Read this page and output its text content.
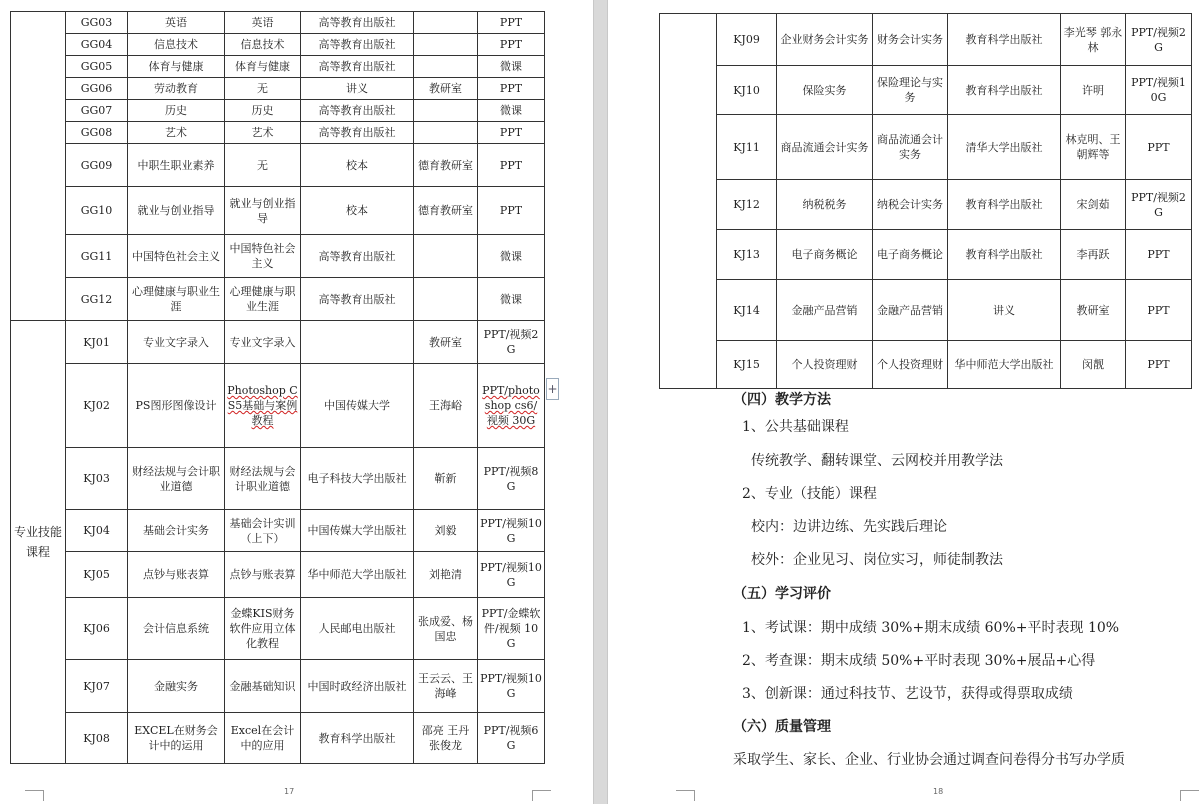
	GG03	英语	英语	高等教育出版社		PPT
	GG04	信息技术	信息技术	高等教育出版社		PPT
	GG05	体育与健康	体育与健康	高等教育出版社		微课
	GG06	劳动教育	无	讲义	教研室	PPT
	GG07	历史	历史	高等教育出版社		微课
	GG08	艺术	艺术	高等教育出版社		PPT
	GG09	中职生职业素养	无	校本	德育教研室	PPT
	GG10	就业与创业指导	就业与创业指导	校本	德育教研室	PPT
	GG11	中国特色社会主义	中国特色社会主义	高等教育出版社		微课
	GG12	心理健康与职业生涯	心理健康与职业生涯	高等教育出版社		微课
专业技能课程	KJ01	专业文字录入	专业文字录入		教研室	PPT/视频2G
	KJ02	PS图形图像设计	Photoshop CS5基础与案例教程	中国传媒大学	王海峪	PPT/photoshop cs6/视频 30G
	KJ03	财经法规与会计职业道德	财经法规与会计职业道德	电子科技大学出版社	靳新	PPT/视频8G
	KJ04	基础会计实务	基础会计实训（上下）	中国传媒大学出版社	刘毅	PPT/视频10G
	KJ05	点钞与账表算	点钞与账表算	华中师范大学出版社	刘艳清	PPT/视频10G
	KJ06	会计信息系统	金蝶KIS财务软件应用立体化教程	人民邮电出版社	张成爱、杨国忠	PPT/金蝶软件/视频 10G
	KJ07	金融实务	金融基础知识	中国时政经济出版社	王云云、王海峰	PPT/视频10G
	KJ08	EXCEL在财务会计中的运用	Excel在会计中的应用	教育科学出版社	邵亮 王丹 张俊龙	PPT/视频6G
17
+
	KJ09	企业财务会计实务	财务会计实务	教育科学出版社	李光琴 郭永林	PPT/视频2G
	KJ10	保险实务	保险理论与实务	教育科学出版社	许明	PPT/视频10G
	KJ11	商品流通会计实务	商品流通会计实务	清华大学出版社	林克明、王朝辉等	PPT
	KJ12	纳税税务	纳税会计实务	教育科学出版社	宋剑茹	PPT/视频2G
	KJ13	电子商务概论	电子商务概论	教育科学出版社	李再跃	PPT
	KJ14	金融产品营销	金融产品营销	讲义	教研室	PPT
	KJ15	个人投资理财	个人投资理财	华中师范大学出版社	闵靓	PPT
（四）教学方法
1、公共基础课程
传统教学、翻转课堂、云网校并用教学法
2、专业（技能）课程
校内：边讲边练、先实践后理论
校外：企业见习、岗位实习，师徒制教法
（五）学习评价
1、考试课：期中成绩 30%+期末成绩 60%+平时表现 10%
2、考查课：期末成绩 50%+平时表现 30%+展品+心得
3、创新课：通过科技节、艺设节，获得或得票取成绩
（六）质量管理
采取学生、家长、企业、行业协会通过调查问卷得分书写办学质
18
